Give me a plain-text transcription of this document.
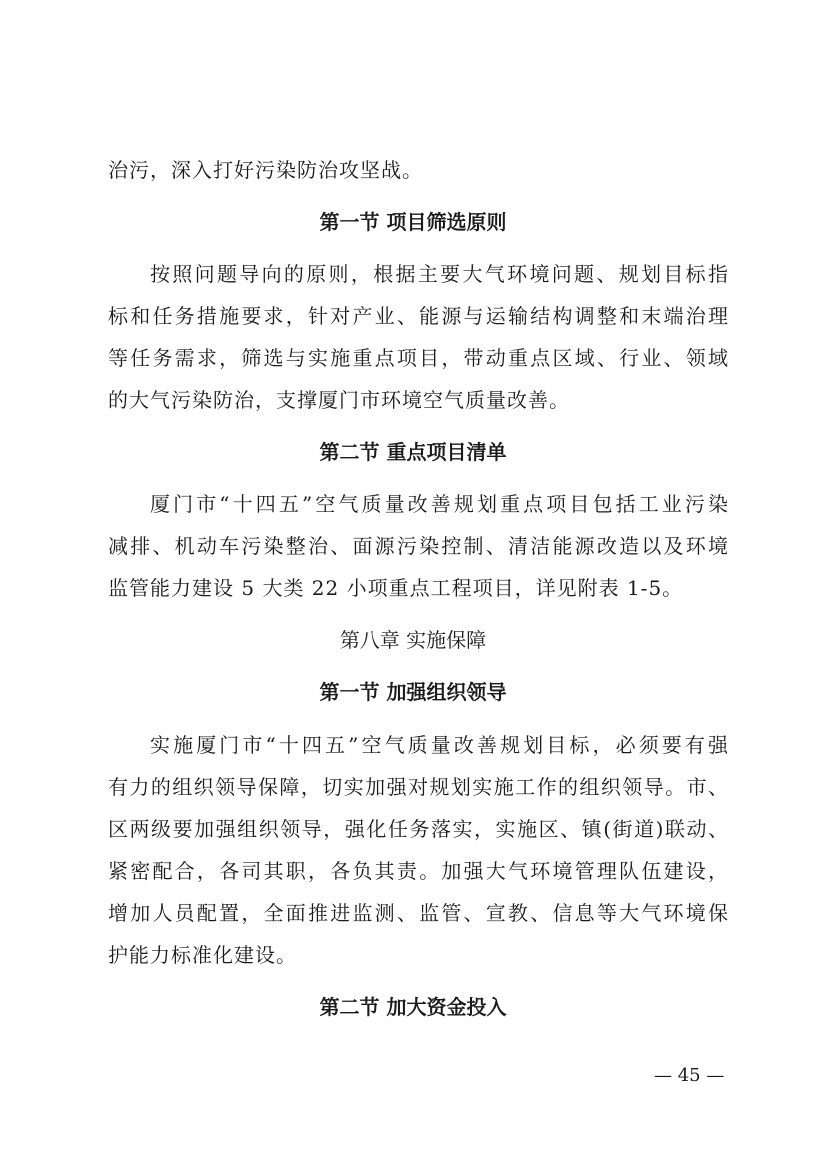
治污，深入打好污染防治攻坚战。
第一节 项目筛选原则
按照问题导向的原则，根据主要大气环境问题、规划目标指
标和任务措施要求，针对产业、能源与运输结构调整和末端治理
等任务需求，筛选与实施重点项目，带动重点区域、行业、领域
的大气污染防治，支撑厦门市环境空气质量改善。
第二节 重点项目清单
厦门市“十四五”空气质量改善规划重点项目包括工业污染
减排、机动车污染整治、面源污染控制、清洁能源改造以及环境
监管能力建设 5 大类 22 小项重点工程项目，详见附表 1-5。
第八章 实施保障
第一节 加强组织领导
实施厦门市“十四五”空气质量改善规划目标，必须要有强
有力的组织领导保障，切实加强对规划实施工作的组织领导。市、
区两级要加强组织领导，强化任务落实，实施区、镇(街道)联动、
紧密配合，各司其职，各负其责。加强大气环境管理队伍建设，
增加人员配置，全面推进监测、监管、宣教、信息等大气环境保
护能力标准化建设。
第二节 加大资金投入
— 45 —
